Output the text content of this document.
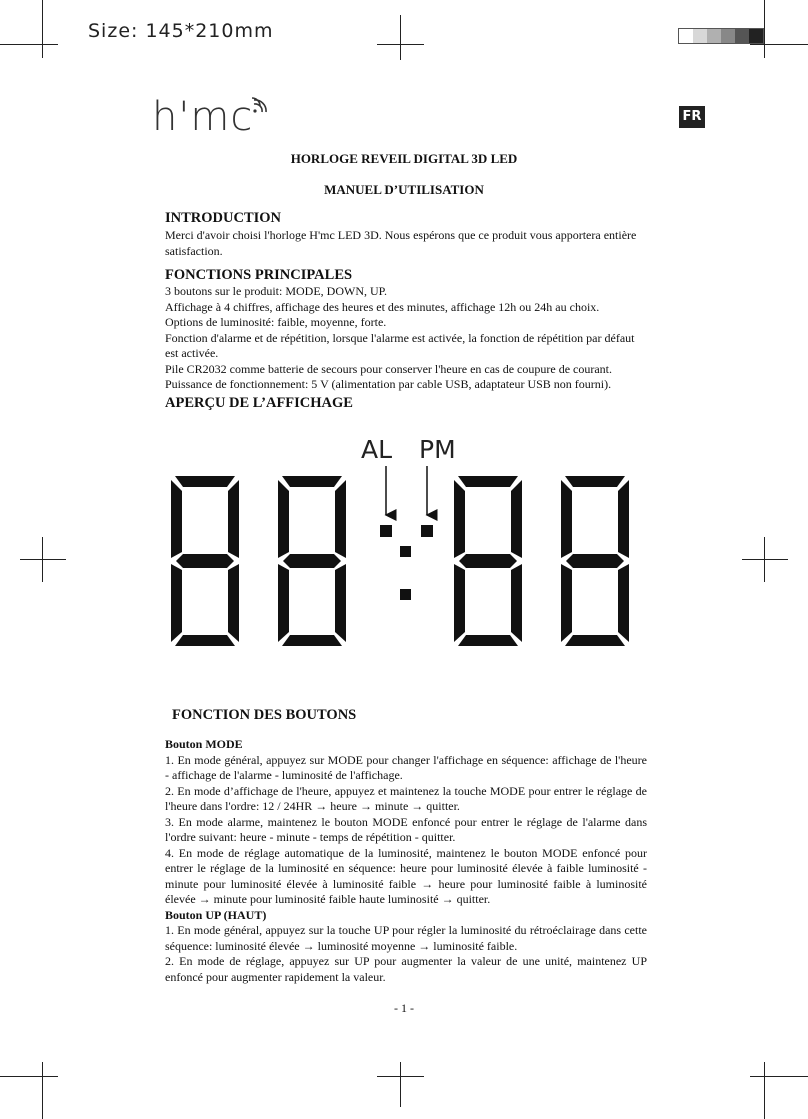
Size: 145*210mm
FR
h'mc
HORLOGE REVEIL DIGITAL 3D LED
MANUEL D’UTILISATION
INTRODUCTION

Merci d'avoir choisi l'horloge H'mc LED 3D. Nous espérons que ce produit vous apportera entière satisfaction.

FONCTIONS PRINCIPALES

3 boutons sur le produit: MODE, DOWN, UP.

Affichage à 4 chiffres, affichage des heures et des minutes, affichage 12h ou 24h au choix.

Options de luminosité: faible, moyenne, forte.

Fonction d'alarme et de répétition, lorsque l'alarme est activée, la fonction de répétition par défaut est activée.

Pile CR2032 comme batterie de secours pour conserver l'heure en cas de coupure de courant.

Puissance de fonctionnement: 5 V (alimentation par cable USB, adaptateur USB non fourni).

APERÇU DE L’AFFICHAGE
AL PM
FONCTION DES BOUTONS

Bouton MODE

1. En mode général, appuyez sur MODE pour changer l'affichage en séquence: affichage de l'heure - affichage de l'alarme - luminosité de l'affichage.

2. En mode d’affichage de l'heure, appuyez et maintenez la touche MODE pour entrer le réglage de l'heure dans l'ordre: 12 / 24HR → heure → minute → quitter.

3. En mode alarme, maintenez le bouton MODE enfoncé pour entrer le réglage de l'alarme dans l'ordre suivant: heure - minute - temps de répétition - quitter.

4. En mode de réglage automatique de la luminosité, maintenez le bouton MODE enfoncé pour entrer le réglage de la luminosité en séquence: heure pour luminosité élevée à faible luminosité - minute pour luminosité élevée à luminosité faible → heure pour luminosité faible à luminosité élevée → minute pour luminosité faible haute luminosité → quitter.

Bouton UP (HAUT)

1. En mode général, appuyez sur la touche UP pour régler la luminosité du rétroéclairage dans cette séquence: luminosité élevée → luminosité moyenne → luminosité faible.

2. En mode de réglage, appuyez sur UP pour augmenter la valeur de une unité, maintenez UP enfoncé pour augmenter rapidement la valeur.

- 1 -
